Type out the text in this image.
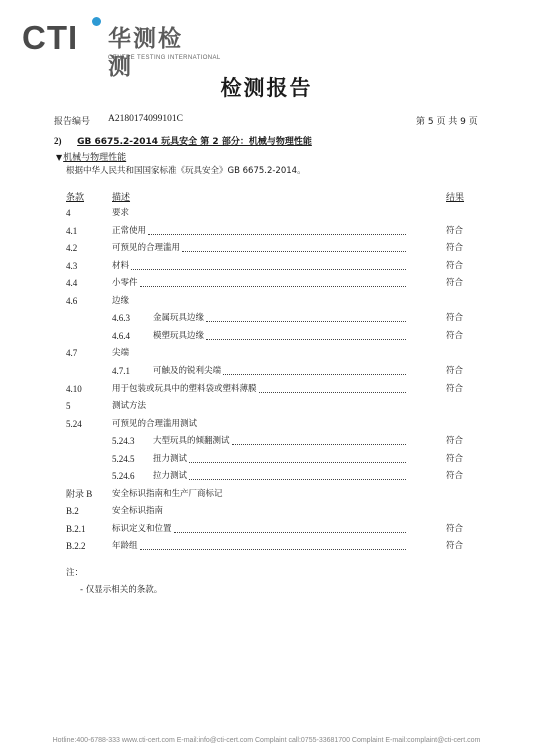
CTI 华测检测
CENTRE TESTING INTERNATIONAL
检测报告
报告编号 A2180174099101C	第 5 页 共 9 页
2) GB 6675.2-2014 玩具安全 第 2 部分：机械与物理性能
▼机械与物理性能
根据中华人民共和国国家标准《玩具安全》GB 6675.2-2014。
条款	描述	结果
4	要求
4.1	正常使用	符合
4.2	可预见的合理滥用	符合
4.3	材料	符合
4.4	小零件	符合
4.6	边缘
4.6.3	金属玩具边缘	符合
4.6.4	模塑玩具边缘	符合
4.7	尖端
4.7.1	可触及的锐利尖端	符合
4.10	用于包装或玩具中的塑料袋或塑料薄膜	符合
5	测试方法
5.24	可预见的合理滥用测试
5.24.3 大型玩具的倾翻测试	符合
5.24.5 扭力测试	符合
5.24.6 拉力测试	符合
附录 B 安全标识指南和生产厂商标记
B.2	安全标识指南
B.2.1	标识定义和位置	符合
B.2.2	年龄组	符合
注：
- 仅显示相关的条款。
Hotline:400-6788-333 www.cti-cert.com E-mail:info@cti-cert.com Complaint call:0755-33681700 Complaint E-mail:complaint@cti-cert.com
